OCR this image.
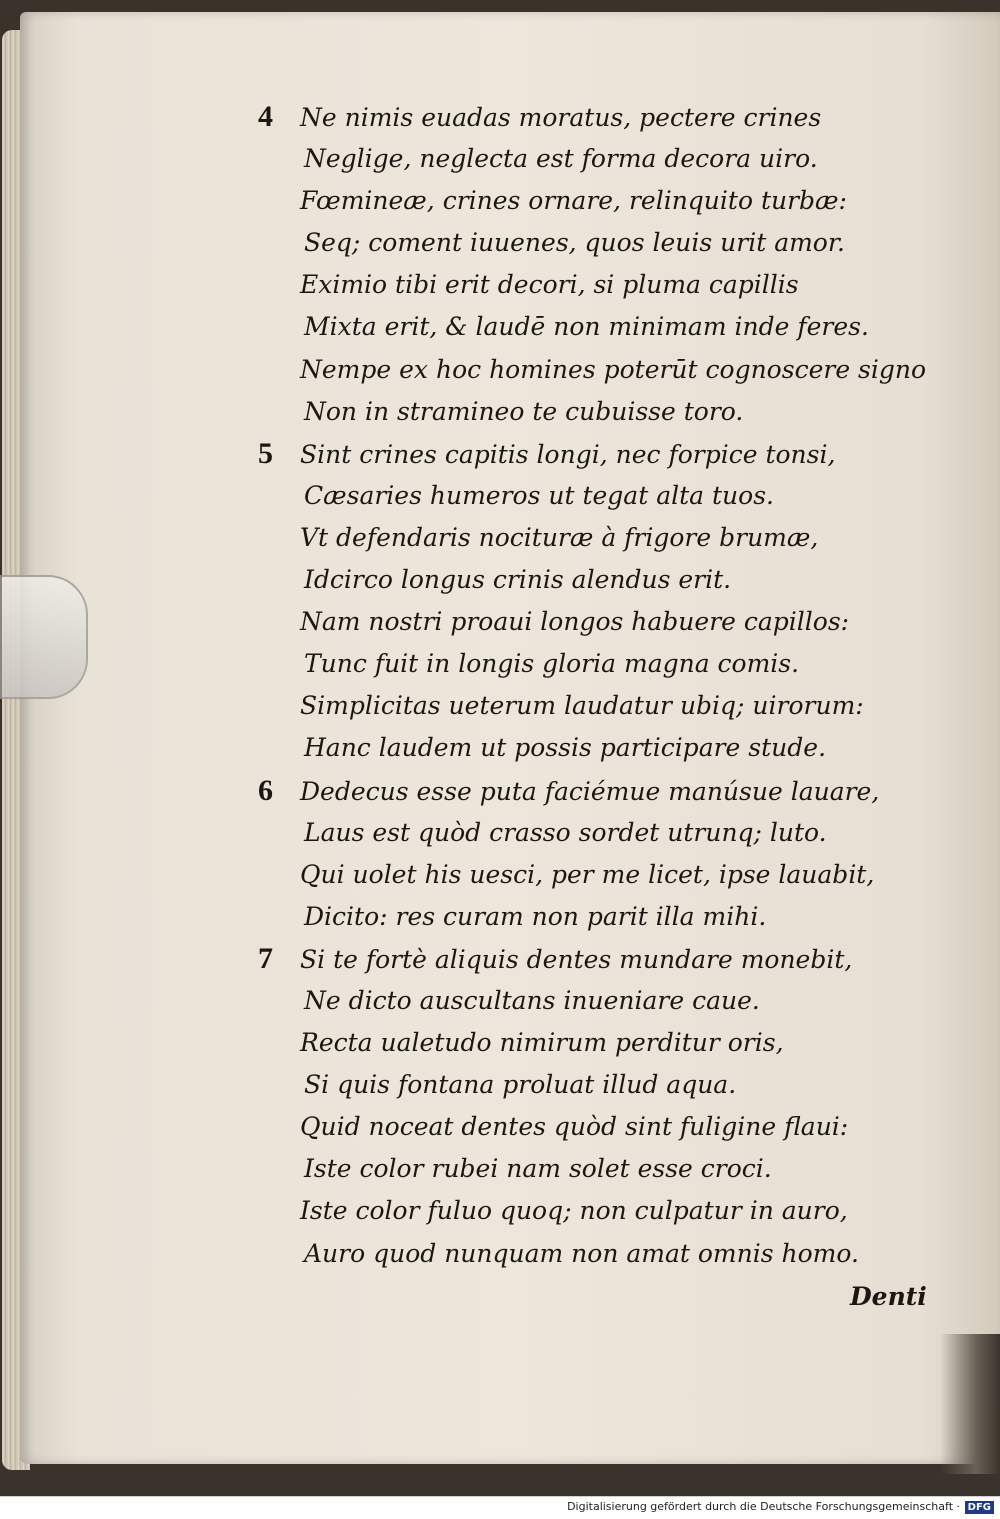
4	Ne nimis euadas moratus, pectere crines
Neglige, neglecta est forma decora uiro.
Fœmineæ, crines ornare, relinquito turbæ:
Seq; coment iuuenes, quos leuis urit amor.
Eximio tibi erit decori, si pluma capillis
Mixta erit, & laudē non minimam inde feres.
Nempe ex hoc homines poterūt cognoscere signo
Non in stramineo te cubuisse toro.
5	Sint crines capitis longi, nec forpice tonsi,
Cæsaries humeros ut tegat alta tuos.
Vt defendaris nocituræ à frigore brumæ,
Idcirco longus crinis alendus erit.
Nam nostri proaui longos habuere capillos:
Tunc fuit in longis gloria magna comis.
Simplicitas ueterum laudatur ubiq; uirorum:
Hanc laudem ut possis participare stude.
6	Dedecus esse puta faciémue manúsue lauare,
Laus est quòd crasso sordet utrunq; luto.
Qui uolet his uesci, per me licet, ipse lauabit,
Dicito: res curam non parit illa mihi.
7	Si te fortè aliquis dentes mundare monebit,
Ne dicto auscultans inueniare caue.
Recta ualetudo nimirum perditur oris,
Si quis fontana proluat illud aqua.
Quid noceat dentes quòd sint fuligine flaui:
Iste color rubei nam solet esse croci.
Iste color fuluo quoq; non culpatur in auro,
Auro quod nunquam non amat omnis homo.
Denti
Digitalisierung gefördert durch die Deutsche Forschungsgemeinschaft · DFG
